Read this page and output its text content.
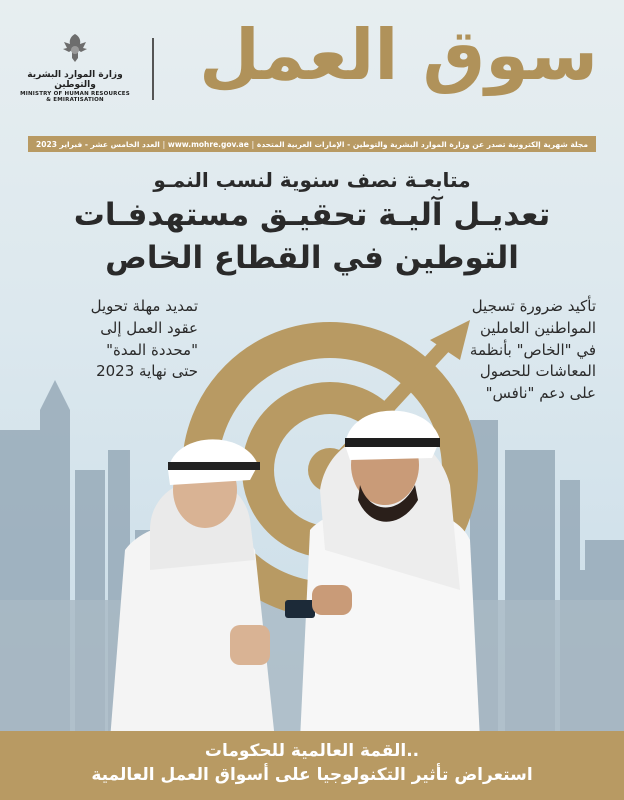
وزارة الموارد البشرية والتوطين
MINISTRY OF HUMAN RESOURCES
& EMIRATISATION
سوق العمل
مجلة شهرية إلكترونية تصدر عن وزارة الموارد البشرية والتوطين - الإمارات العربية المتحدة
|
www.mohre.gov.ae
|
العدد الخامس عشر - فبراير 2023
متابعـة نصف سنوية لنسب النمـو
تعديـل آليـة تحقيـق مستهدفـات
التوطين في القطاع الخاص
تمديد مهلة تحويل
عقود العمل إلى
"محددة المدة"
حتى نهاية 2023
تأكيد ضرورة تسجيل
المواطنين العاملين
في "الخاص" بأنظمة
المعاشات للحصول
على دعم "نافس"
القمة العالمية للحكومات..
استعراض تأثير التكنولوجيا على أسواق العمل العالمية
